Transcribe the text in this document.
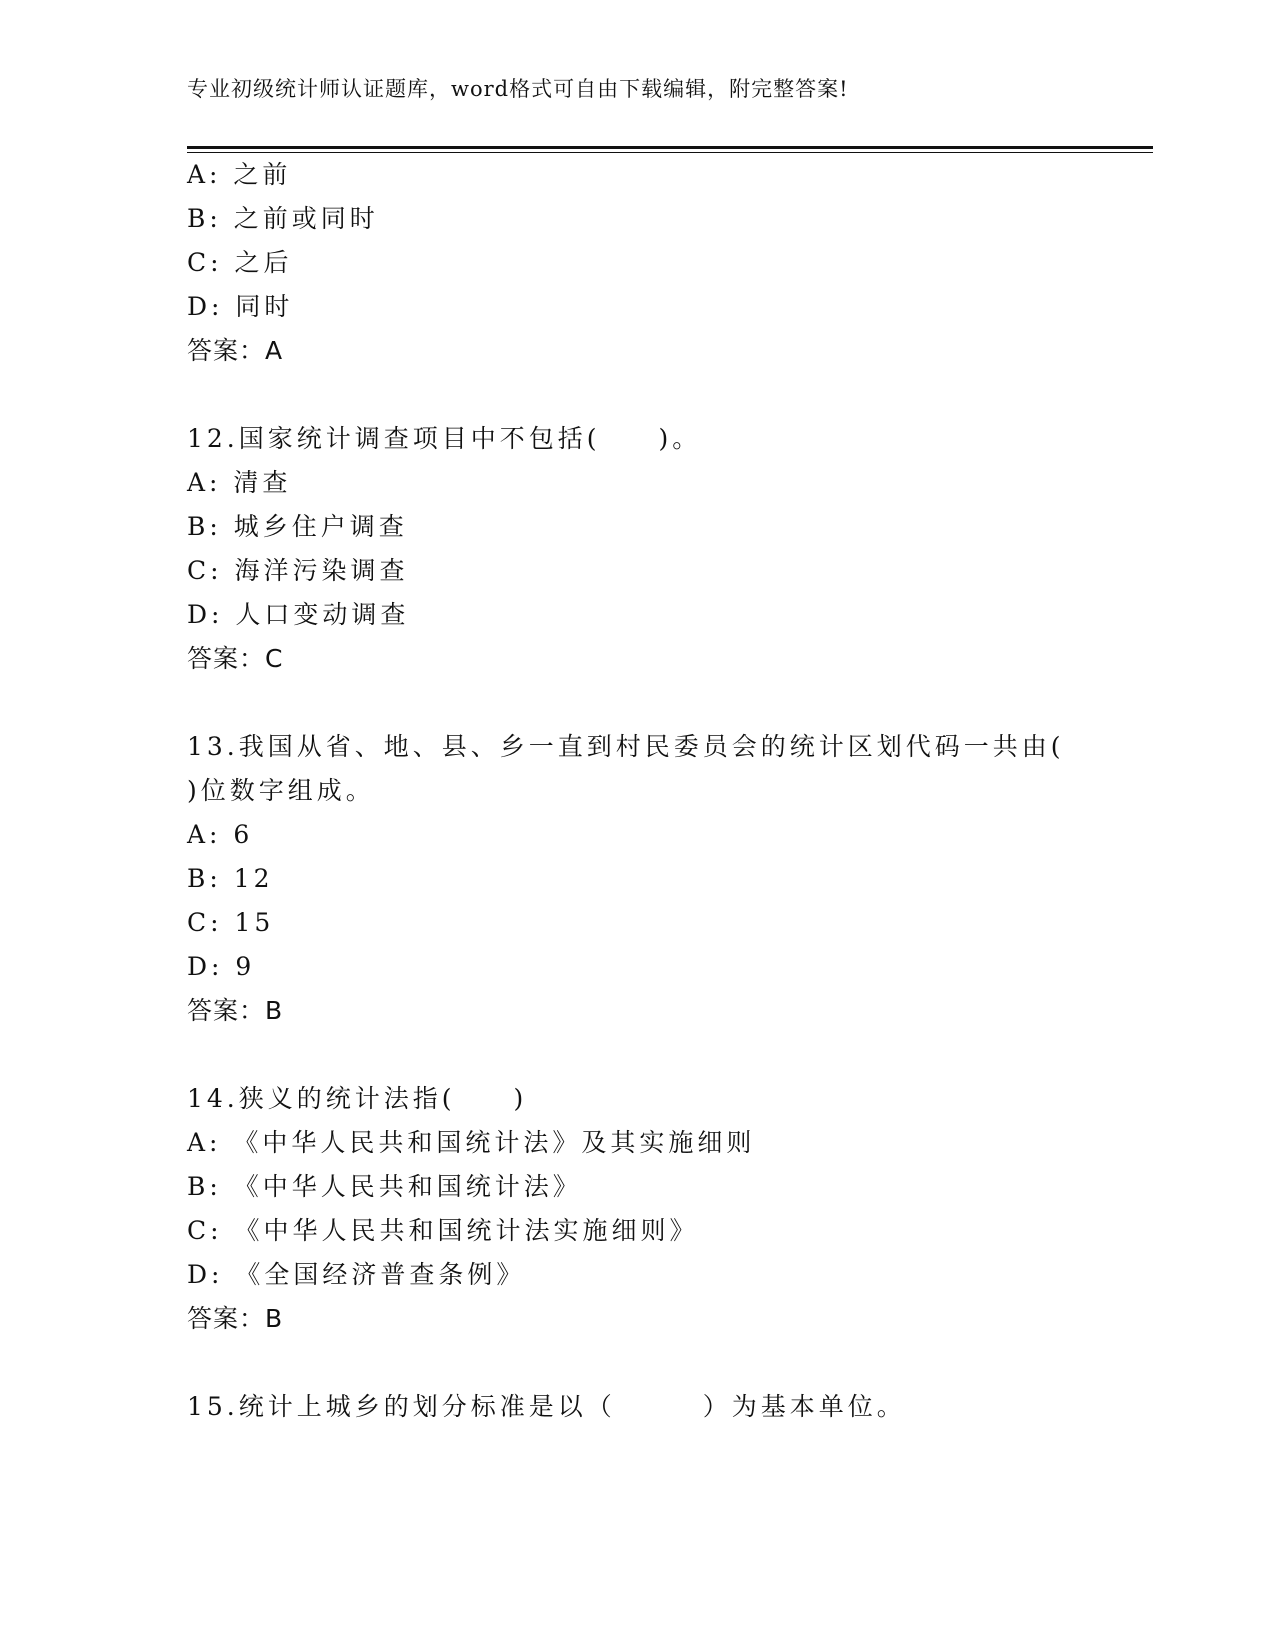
专业初级统计师认证题库，word格式可自由下载编辑，附完整答案!
A: 之前
B: 之前或同时
C: 之后
D: 同时
答案：A
12.国家统计调查项目中不包括(　　)。
A: 清查
B: 城乡住户调查
C: 海洋污染调查
D: 人口变动调查
答案：C
13.我国从省、地、县、乡一直到村民委员会的统计区划代码一共由(
)位数字组成。
A: 6
B: 12
C: 15
D: 9
答案：B
14.狭义的统计法指(　　)
A: 《中华人民共和国统计法》及其实施细则
B: 《中华人民共和国统计法》
C: 《中华人民共和国统计法实施细则》
D: 《全国经济普查条例》
答案：B
15.统计上城乡的划分标准是以（　　　）为基本单位。
